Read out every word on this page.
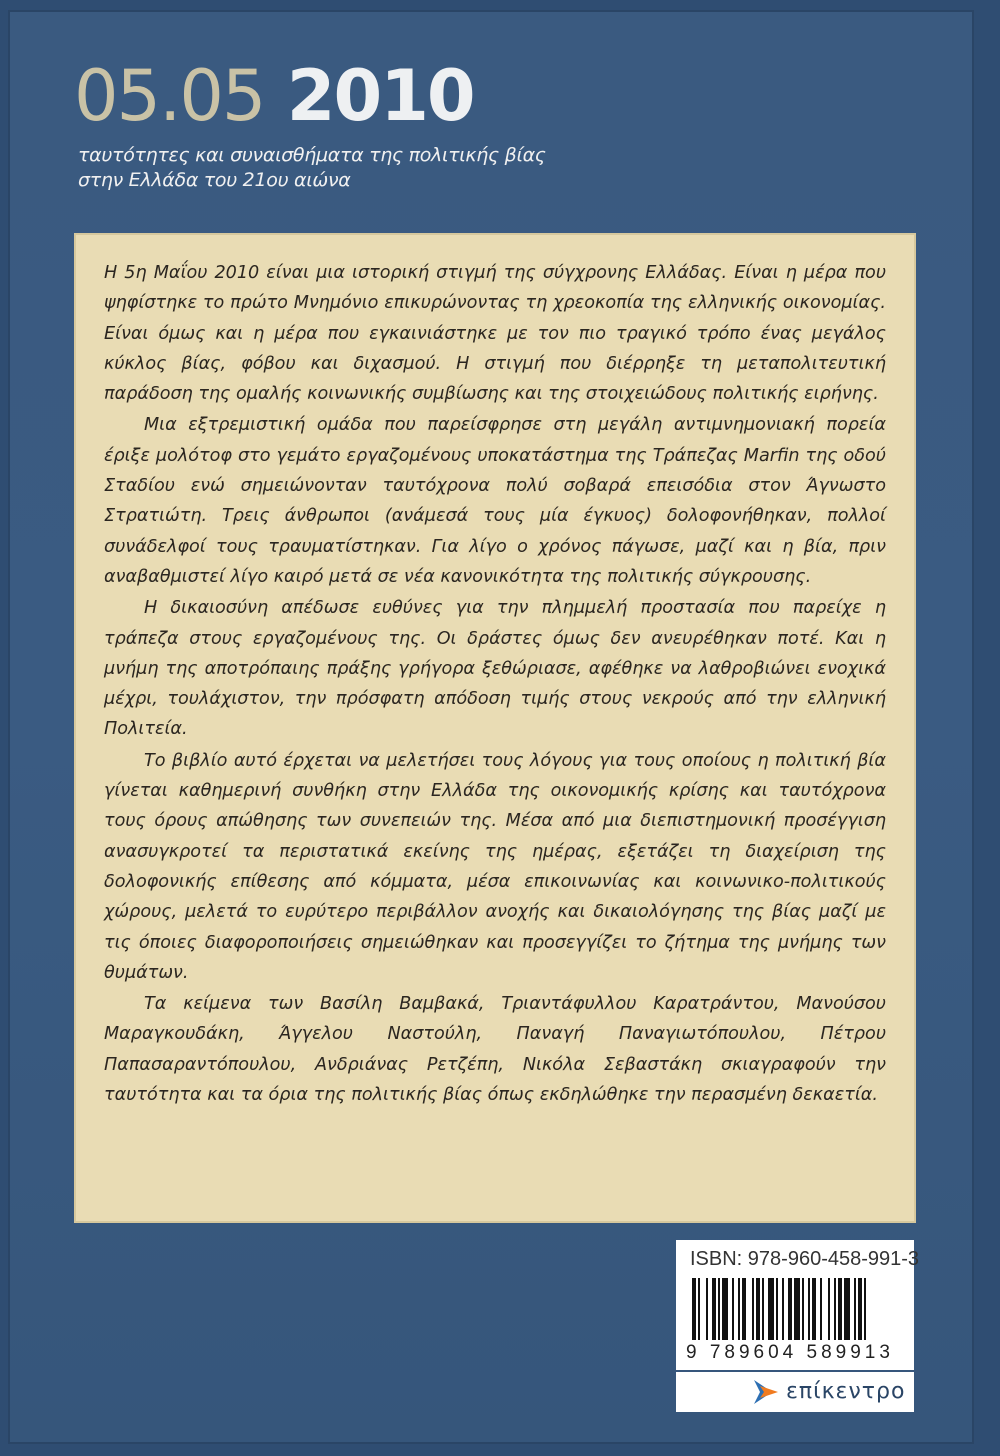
05.05 2010
ταυτότητες και συναισθήματα της πολιτικής βίας
στην Ελλάδα του 21ου αιώνα

Η 5η Μαΐου 2010 είναι μια ιστορική στιγμή της σύγχρονης Ελλάδας. Είναι η μέρα που ψηφίστηκε το πρώτο Μνημόνιο επικυρώνοντας τη χρεοκοπία της ελληνικής οικονομίας. Είναι όμως και η μέρα που εγκαινιάστηκε με τον πιο τραγικό τρόπο ένας μεγάλος κύκλος βίας, φόβου και διχασμού. Η στιγμή που διέρρηξε τη μεταπολιτευτική παράδοση της ομαλής κοινωνικής συμβίωσης και της στοιχειώδους πολιτικής ειρήνης.

Μια εξτρεμιστική ομάδα που παρείσφρησε στη μεγάλη αντιμνημονιακή πορεία έριξε μολότοφ στο γεμάτο εργαζομένους υποκατάστημα της Τράπεζας Marfin της οδού Σταδίου ενώ σημειώνονταν ταυτόχρονα πολύ σοβαρά επεισόδια στον Άγνωστο Στρατιώτη. Τρεις άνθρωποι (ανάμεσά τους μία έγκυος) δολοφονήθηκαν, πολλοί συνάδελφοί τους τραυματίστηκαν. Για λίγο ο χρόνος πάγωσε, μαζί και η βία, πριν αναβαθμιστεί λίγο καιρό μετά σε νέα κανονικότητα της πολιτικής σύγκρουσης.

Η δικαιοσύνη απέδωσε ευθύνες για την πλημμελή προστασία που παρείχε η τράπεζα στους εργαζομένους της. Οι δράστες όμως δεν ανευρέθηκαν ποτέ. Και η μνήμη της αποτρόπαιης πράξης γρήγορα ξεθώριασε, αφέθηκε να λαθροβιώνει ενοχικά μέχρι, τουλάχιστον, την πρόσφατη απόδοση τιμής στους νεκρούς από την ελληνική Πολιτεία.

Το βιβλίο αυτό έρχεται να μελετήσει τους λόγους για τους οποίους η πολιτική βία γίνεται καθημερινή συνθήκη στην Ελλάδα της οικονομικής κρίσης και ταυτόχρονα τους όρους απώθησης των συνεπειών της. Μέσα από μια διεπιστημονική προσέγγιση ανασυγκροτεί τα περιστατικά εκείνης της ημέρας, εξετάζει τη διαχείριση της δολοφονικής επίθεσης από κόμματα, μέσα επικοινωνίας και κοινωνικο-πολιτικούς χώρους, μελετά το ευρύτερο περιβάλλον ανοχής και δικαιολόγησης της βίας μαζί με τις όποιες διαφοροποιήσεις σημειώθηκαν και προσεγγίζει το ζήτημα της μνήμης των θυμάτων.

Τα κείμενα των Βασίλη Βαμβακά, Τριαντάφυλλου Καρατράντου, Μανούσου Μαραγκουδάκη, Άγγελου Ναστούλη, Παναγή Παναγιωτόπουλου, Πέτρου Παπασαραντόπουλου, Ανδριάνας Ρετζέπη, Νικόλα Σεβαστάκη σκιαγραφούν την ταυτότητα και τα όρια της πολιτικής βίας όπως εκδηλώθηκε την περασμένη δεκαετία.

ISBN: 978-960-458-991-3
9 789604 589913
επίκεντρο
